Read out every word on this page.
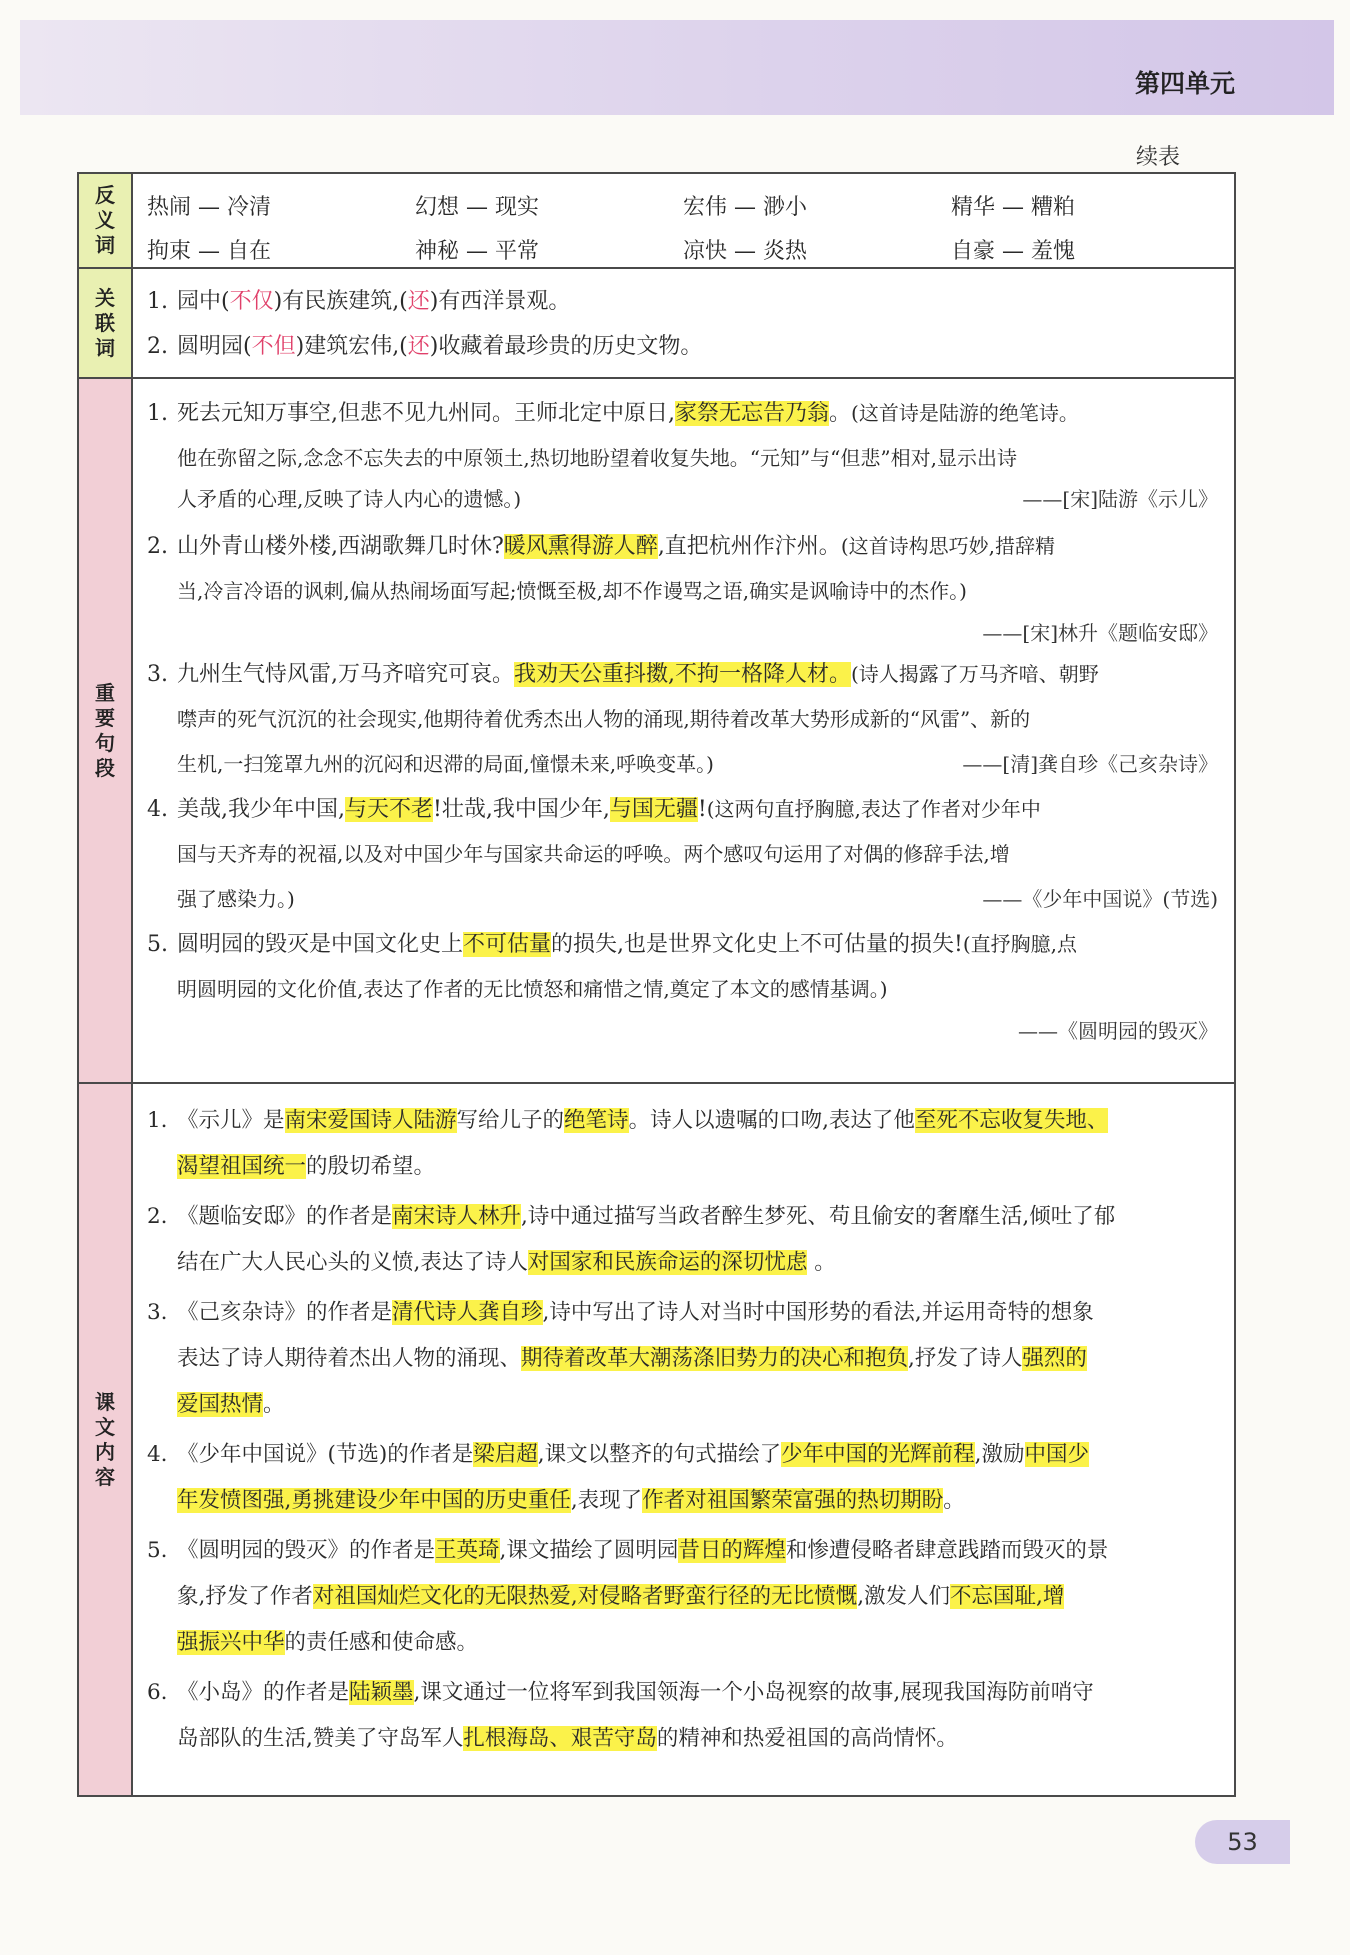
第四单元
续表
反
义
词
热闹 — 冷清	幻想 — 现实	宏伟 — 渺小	精华 — 糟粕
拘束 — 自在	神秘 — 平常	凉快 — 炎热	自豪 — 羞愧
关
联
词
1. 园中(不仅)有民族建筑,(还)有西洋景观。
2. 圆明园(不但)建筑宏伟,(还)收藏着最珍贵的历史文物。
重
要
句
段
1. 死去元知万事空,但悲不见九州同。王师北定中原日,家祭无忘告乃翁。(这首诗是陆游的绝笔诗。
他在弥留之际,念念不忘失去的中原领土,热切地盼望着收复失地。“元知”与“但悲”相对,显示出诗
人矛盾的心理,反映了诗人内心的遗憾。)	——[宋]陆游《示儿》
2. 山外青山楼外楼,西湖歌舞几时休?暖风熏得游人醉,直把杭州作汴州。(这首诗构思巧妙,措辞精
当,冷言冷语的讽刺,偏从热闹场面写起;愤慨至极,却不作谩骂之语,确实是讽喻诗中的杰作。)
——[宋]林升《题临安邸》
3. 九州生气恃风雷,万马齐喑究可哀。我劝天公重抖擞,不拘一格降人材。(诗人揭露了万马齐喑、朝野
噤声的死气沉沉的社会现实,他期待着优秀杰出人物的涌现,期待着改革大势形成新的“风雷”、新的
生机,一扫笼罩九州的沉闷和迟滞的局面,憧憬未来,呼唤变革。)	——[清]龚自珍《己亥杂诗》
4. 美哉,我少年中国,与天不老!壮哉,我中国少年,与国无疆!(这两句直抒胸臆,表达了作者对少年中
国与天齐寿的祝福,以及对中国少年与国家共命运的呼唤。两个感叹句运用了对偶的修辞手法,增
强了感染力。)	——《少年中国说》(节选)
5. 圆明园的毁灭是中国文化史上不可估量的损失,也是世界文化史上不可估量的损失!(直抒胸臆,点
明圆明园的文化价值,表达了作者的无比愤怒和痛惜之情,奠定了本文的感情基调。)
——《圆明园的毁灭》
课
文
内
容
1. 《示儿》是南宋爱国诗人陆游写给儿子的绝笔诗。诗人以遗嘱的口吻,表达了他至死不忘收复失地、
渴望祖国统一的殷切希望。
2. 《题临安邸》的作者是南宋诗人林升,诗中通过描写当政者醉生梦死、苟且偷安的奢靡生活,倾吐了郁
结在广大人民心头的义愤,表达了诗人对国家和民族命运的深切忧虑 。
3. 《己亥杂诗》的作者是清代诗人龚自珍,诗中写出了诗人对当时中国形势的看法,并运用奇特的想象
表达了诗人期待着杰出人物的涌现、期待着改革大潮荡涤旧势力的决心和抱负,抒发了诗人强烈的
爱国热情。
4. 《少年中国说》(节选)的作者是梁启超,课文以整齐的句式描绘了少年中国的光辉前程,激励中国少
年发愤图强,勇挑建设少年中国的历史重任,表现了作者对祖国繁荣富强的热切期盼。
5. 《圆明园的毁灭》的作者是王英琦,课文描绘了圆明园昔日的辉煌和惨遭侵略者肆意践踏而毁灭的景
象,抒发了作者对祖国灿烂文化的无限热爱,对侵略者野蛮行径的无比愤慨,激发人们不忘国耻,增
强振兴中华的责任感和使命感。
6. 《小岛》的作者是陆颖墨,课文通过一位将军到我国领海一个小岛视察的故事,展现我国海防前哨守
岛部队的生活,赞美了守岛军人扎根海岛、艰苦守岛的精神和热爱祖国的高尚情怀。
53
